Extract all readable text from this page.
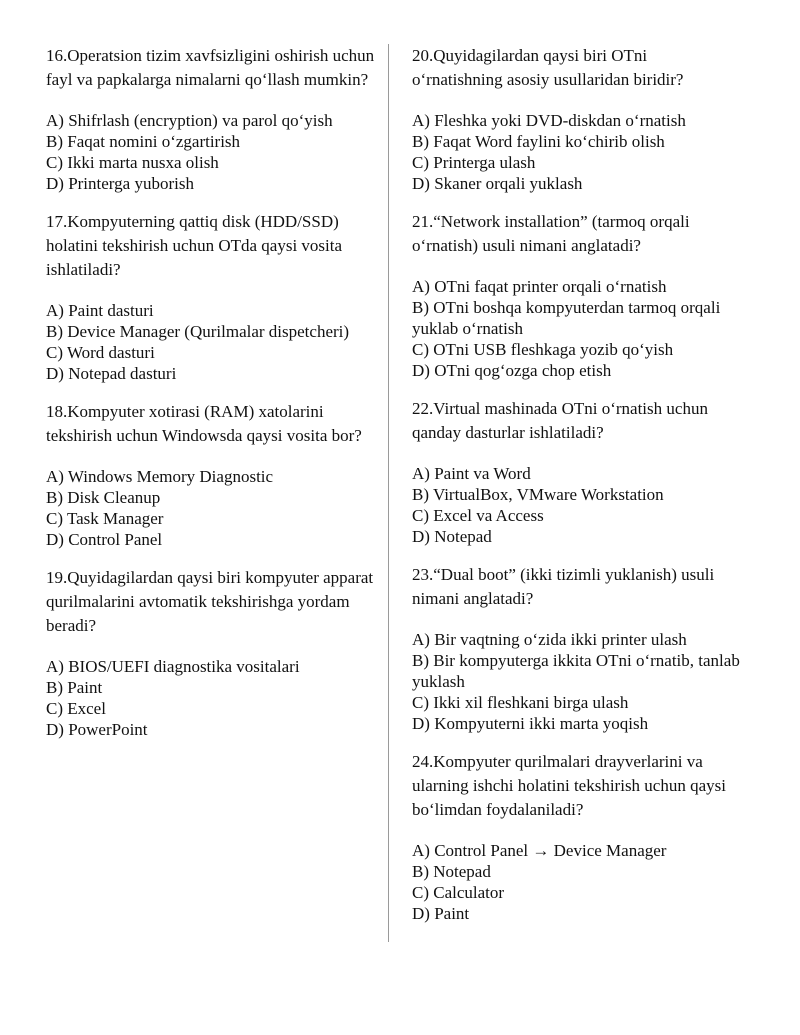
16.Operatsion tizim xavfsizligini oshirish uchun fayl va papkalarga nimalarni qo‘llash mumkin?
A) Shifrlash (encryption) va parol qo‘yish
B) Faqat nomini o‘zgartirish
C) Ikki marta nusxa olish
D) Printerga yuborish
17.Kompyuterning qattiq disk (HDD/SSD) holatini tekshirish uchun OTda qaysi vosita ishlatiladi?
A) Paint dasturi
B) Device Manager (Qurilmalar dispetcheri)
C) Word dasturi
D) Notepad dasturi
18.Kompyuter xotirasi (RAM) xatolarini tekshirish uchun Windowsda qaysi vosita bor?
A) Windows Memory Diagnostic
B) Disk Cleanup
C) Task Manager
D) Control Panel
19.Quyidagilardan qaysi biri kompyuter apparat qurilmalarini avtomatik tekshirishga yordam beradi?
A) BIOS/UEFI diagnostika vositalari
B) Paint
C) Excel
D) PowerPoint
20.Quyidagilardan qaysi biri OTni o‘rnatishning asosiy usullaridan biridir?
A) Fleshka yoki DVD-diskdan o‘rnatish
B) Faqat Word faylini ko‘chirib olish
C) Printerga ulash
D) Skaner orqali yuklash
21.“Network installation” (tarmoq orqali o‘rnatish) usuli nimani anglatadi?
A) OTni faqat printer orqali o‘rnatish
B) OTni boshqa kompyuterdan tarmoq orqali yuklab o‘rnatish
C) OTni USB fleshkaga yozib qo‘yish
D) OTni qog‘ozga chop etish
22.Virtual mashinada OTni o‘rnatish uchun qanday dasturlar ishlatiladi?
A) Paint va Word
B) VirtualBox, VMware Workstation
C) Excel va Access
D) Notepad
23.“Dual boot” (ikki tizimli yuklanish) usuli nimani anglatadi?
A) Bir vaqtning o‘zida ikki printer ulash
B) Bir kompyuterga ikkita OTni o‘rnatib, tanlab yuklash
C) Ikki xil fleshkani birga ulash
D) Kompyuterni ikki marta yoqish
24.Kompyuter qurilmalari drayverlarini va ularning ishchi holatini tekshirish uchun qaysi bo‘limdan foydalaniladi?
A) Control Panel → Device Manager
B) Notepad
C) Calculator
D) Paint
